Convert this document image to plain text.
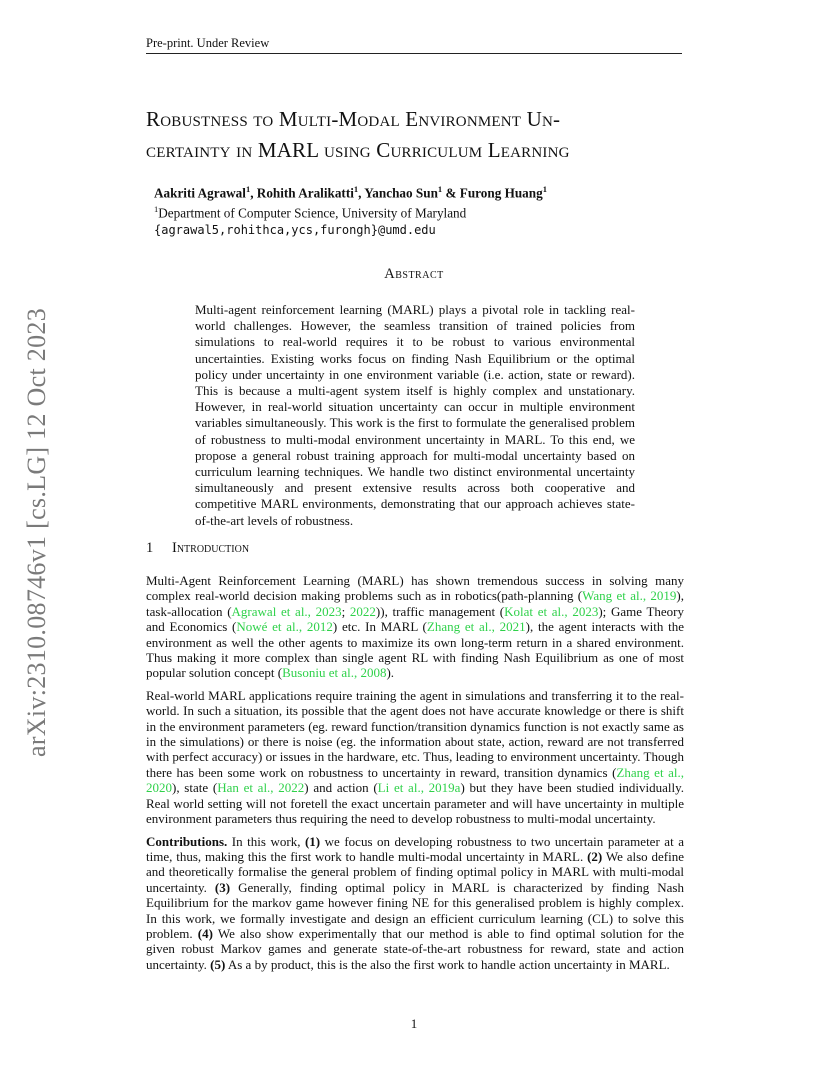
Pre-print. Under Review
arXiv:2310.08746v1 [cs.LG] 12 Oct 2023
Robustness to Multi-Modal Environment Un-
certainty in MARL using Curriculum Learning
Aakriti Agrawal$^1$, Rohith Aralikatti$^1$, Yanchao Sun$^1$ & Furong Huang$^1$
$^1$Department of Computer Science, University of Maryland
{agrawal5,rohithca,ycs,furongh}@umd.edu
Abstract
Multi-agent reinforcement learning (MARL) plays a pivotal role in tackling real-world challenges. However, the seamless transition of trained policies from simulations to real-world requires it to be robust to various environmental uncertainties. Existing works focus on finding Nash Equilibrium or the optimal policy under uncertainty in one environment variable (i.e. action, state or reward). This is because a multi-agent system itself is highly complex and unstationary. However, in real-world situation uncertainty can occur in multiple environment variables simultaneously. This work is the first to formulate the generalised problem of robustness to multi-modal environment uncertainty in MARL. To this end, we propose a general robust training approach for multi-modal uncertainty based on curriculum learning techniques. We handle two distinct environmental uncertainty simultaneously and present extensive results across both cooperative and competitive MARL environments, demonstrating that our approach achieves state-of-the-art levels of robustness.
1 Introduction

Multi-Agent Reinforcement Learning (MARL) has shown tremendous success in solving many complex real-world decision making problems such as in robotics(path-planning (Wang et al., 2019), task-allocation (Agrawal et al., 2023; 2022)), traffic management (Kolat et al., 2023); Game Theory and Economics (Nowé et al., 2012) etc. In MARL (Zhang et al., 2021), the agent interacts with the environment as well the other agents to maximize its own long-term return in a shared environment. Thus making it more complex than single agent RL with finding Nash Equilibrium as one of most popular solution concept (Busoniu et al., 2008).

Real-world MARL applications require training the agent in simulations and transferring it to the real-world. In such a situation, its possible that the agent does not have accurate knowledge or there is shift in the environment parameters (eg. reward function/transition dynamics function is not exactly same as in the simulations) or there is noise (eg. the information about state, action, reward are not transferred with perfect accuracy) or issues in the hardware, etc. Thus, leading to environment uncertainty. Though there has been some work on robustness to uncertainty in reward, transition dynamics (Zhang et al., 2020), state (Han et al., 2022) and action (Li et al., 2019a) but they have been studied individually. Real world setting will not foretell the exact uncertain parameter and will have uncertainty in multiple environment parameters thus requiring the need to develop robustness to multi-modal uncertainty.

Contributions. In this work, (1) we focus on developing robustness to two uncertain parameter at a time, thus, making this the first work to handle multi-modal uncertainty in MARL. (2) We also define and theoretically formalise the general problem of finding optimal policy in MARL with multi-modal uncertainty. (3) Generally, finding optimal policy in MARL is characterized by finding Nash Equilibrium for the markov game however fining NE for this generalised problem is highly complex. In this work, we formally investigate and design an efficient curriculum learning (CL) to solve this problem. (4) We also show experimentally that our method is able to find optimal solution for the given robust Markov games and generate state-of-the-art robustness for reward, state and action uncertainty. (5) As a by product, this is the also the first work to handle action uncertainty in MARL.

1
